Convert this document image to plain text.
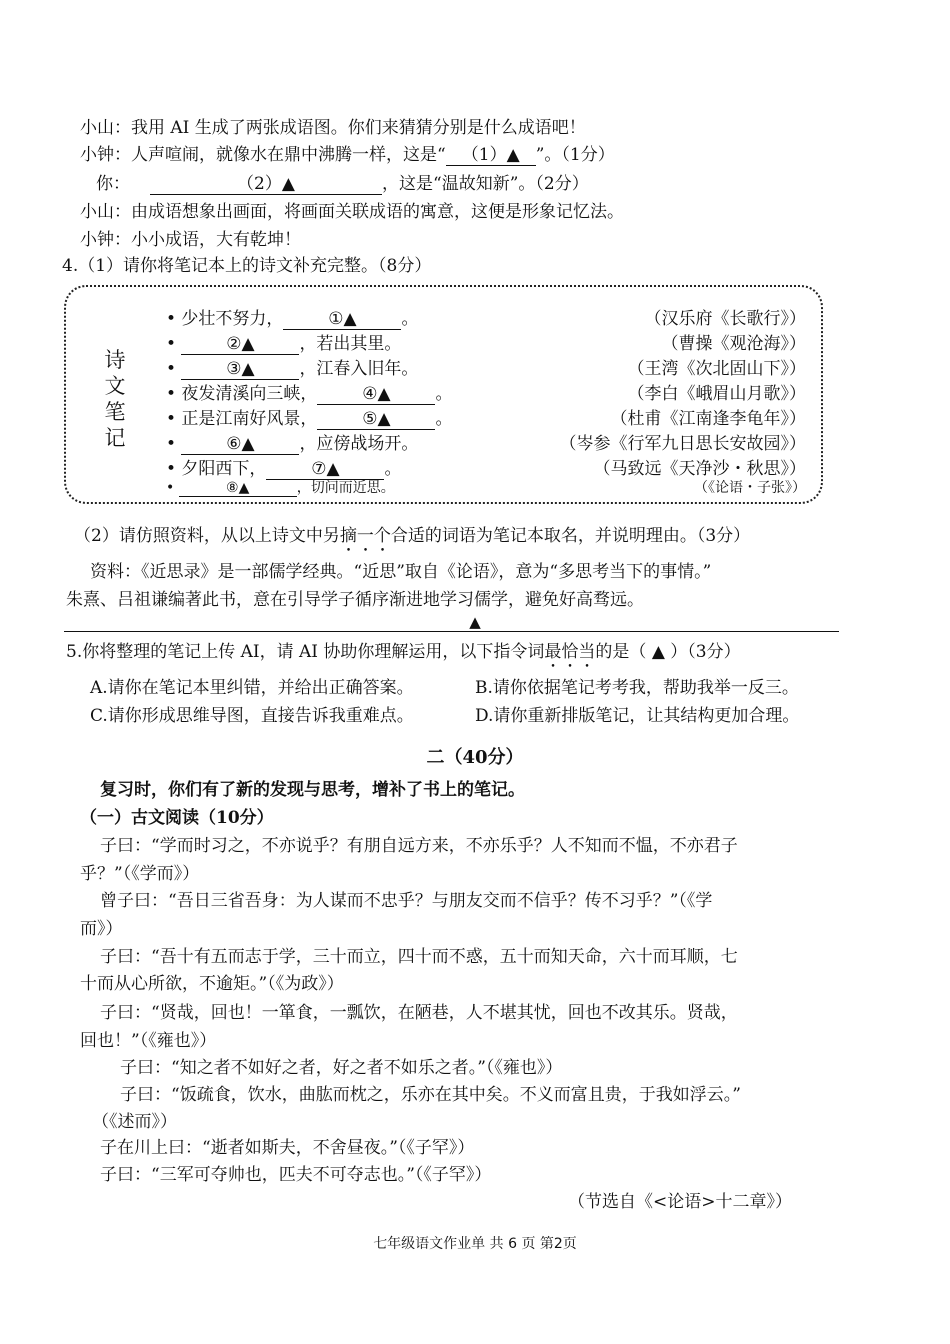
小山：我用 AI 生成了两张成语图。你们来猜猜分别是什么成语吧！
小钟：人声喧闹，就像水在鼎中沸腾一样，这是“ （1）▲ ”。（1分）
你：	（2）▲	，这是“温故知新”。（2分）
小山：由成语想象出画面，将画面关联成语的寓意，这便是形象记忆法。
小钟：小小成语，大有乾坤！
4.（1）请你将笔记本上的诗文补充完整。（8分）
诗文笔记
• 少壮不努力，	①▲	。	（汉乐府《长歌行》）
•	②▲	，若出其里。	（曹操《观沧海》）
•	③▲	，江春入旧年。	（王湾《次北固山下》）
• 夜发清溪向三峡，	④▲	。	（李白《峨眉山月歌》）
• 正是江南好风景，	⑤▲	。	（杜甫《江南逢李龟年》）
•	⑥▲	，应傍战场开。	（岑参《行军九日思长安故园》）
• 夕阳西下，	⑦▲	。	（马致远《天净沙・秋思》）
•	⑧▲	，切问而近思。	（《论语・子张》）
（2）请仿照资料，从以上诗文中另摘一个合适的词语为笔记本取名，并说明理由。（3分）
资料：《近思录》是一部儒学经典。“近思”取自《论语》，意为“多思考当下的事情。”
朱熹、吕祖谦编著此书，意在引导学子循序渐进地学习儒学，避免好高骛远。
▲
5.你将整理的笔记上传 AI，请 AI 协助你理解运用，以下指令词最恰当的是（ ▲ ）（3分）
A.请你在笔记本里纠错，并给出正确答案。	B.请你依据笔记考考我，帮助我举一反三。
C.请你形成思维导图，直接告诉我重难点。	D.请你重新排版笔记，让其结构更加合理。
二（40分）
复习时，你们有了新的发现与思考，增补了书上的笔记。
（一）古文阅读（10分）
子曰：“学而时习之，不亦说乎？有朋自远方来，不亦乐乎？人不知而不愠，不亦君子
乎？”（《学而》）
曾子曰：“吾日三省吾身：为人谋而不忠乎？与朋友交而不信乎？传不习乎？”（《学
而》）
子曰：“吾十有五而志于学，三十而立，四十而不惑，五十而知天命，六十而耳顺，七
十而从心所欲，不逾矩。”（《为政》）
子曰：“贤哉，回也！一箪食，一瓢饮，在陋巷，人不堪其忧，回也不改其乐。贤哉，
回也！”（《雍也》）
子曰：“知之者不如好之者，好之者不如乐之者。”（《雍也》）
子曰：“饭疏食，饮水，曲肱而枕之，乐亦在其中矣。不义而富且贵，于我如浮云。”
（《述而》）
子在川上曰：“逝者如斯夫，不舍昼夜。”（《子罕》）
子曰：“三军可夺帅也，匹夫不可夺志也。”（《子罕》）
（节选自《<论语>十二章》）
七年级语文作业单 共 6 页 第2页
